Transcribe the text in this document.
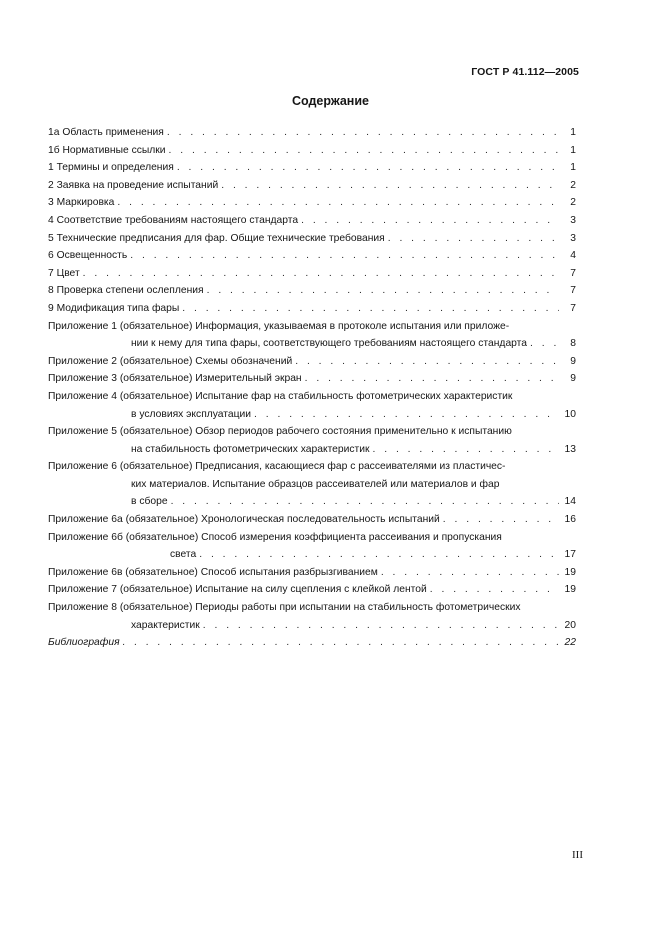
ГОСТ Р 41.112—2005
Содержание
1а Область применения . . .	1
1б Нормативные ссылки . . .	1
1 Термины и определения . . .	1
2 Заявка на проведение испытаний . . .	2
3 Маркировка . . .	2
4 Соответствие требованиям настоящего стандарта . . .	3
5 Технические предписания для фар. Общие технические требования . . .	3
6 Освещенность . . .	4
7 Цвет . . .	7
8 Проверка степени ослепления . . .	7
9 Модификация типа фары . . .	7
Приложение 1 (обязательное) Информация, указываемая в протоколе испытания или приложе-
нии к нему для типа фары, соответствующего требованиям настоящего стандарта . . .	8
Приложение 2 (обязательное) Схемы обозначений . . .	9
Приложение 3 (обязательное) Измерительный экран . . .	9
Приложение 4 (обязательное) Испытание фар на стабильность фотометрических характеристик
в условиях эксплуатации . . .	10
Приложение 5 (обязательное) Обзор периодов рабочего состояния применительно к испытанию
на стабильность фотометрических характеристик . . .	13
Приложение 6 (обязательное) Предписания, касающиеся фар с рассеивателями из пластичес-
ких материалов. Испытание образцов рассеивателей или материалов и фар
в сборе . . .	14
Приложение 6а (обязательное) Хронологическая последовательность испытаний . . .	16
Приложение 6б (обязательное) Способ измерения коэффициента рассеивания и пропускания
света . . .	17
Приложение 6в (обязательное) Способ испытания разбрызгиванием . . .	19
Приложение 7 (обязательное) Испытание на силу сцепления с клейкой лентой . . .	19
Приложение 8 (обязательное) Периоды работы при испытании на стабильность фотометрических
характеристик . . .	20
Библиография . . .	22
III
